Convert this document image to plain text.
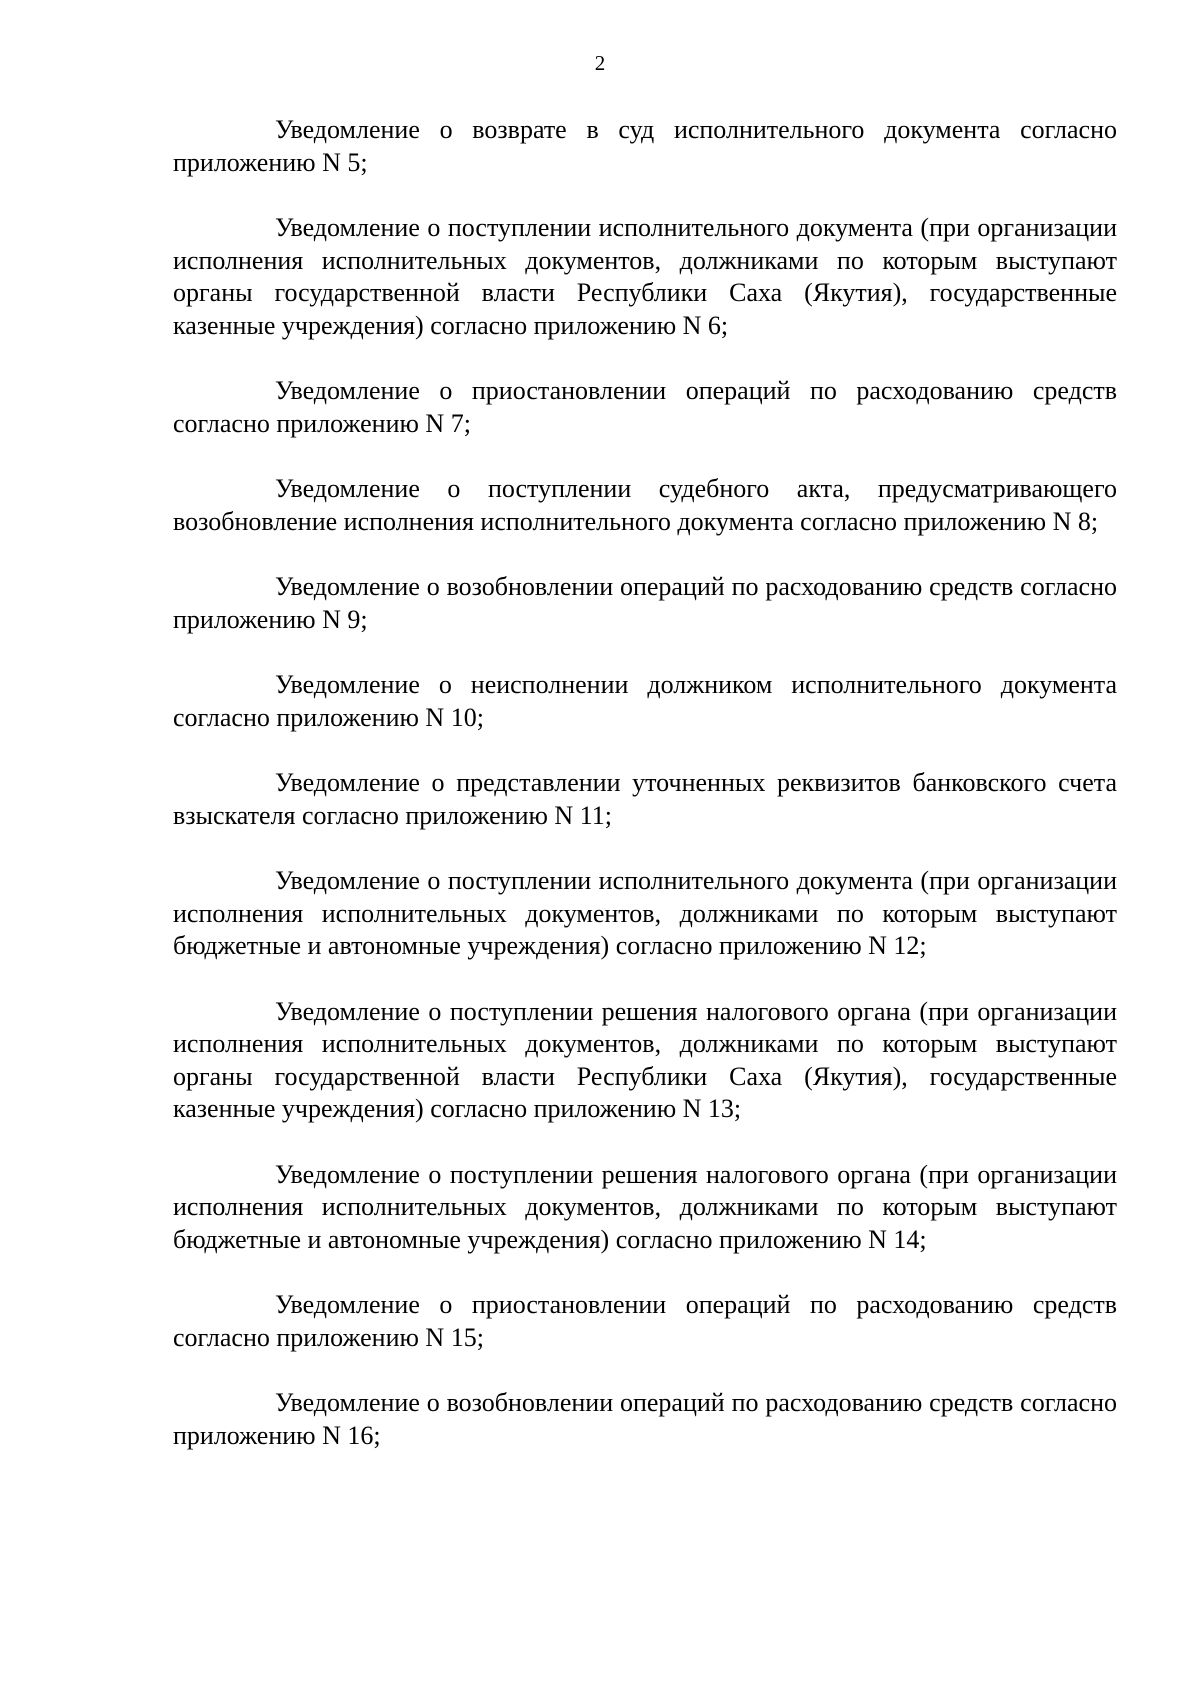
2

Уведомление о возврате в суд исполнительного документа согласно приложению N 5;

Уведомление о поступлении исполнительного документа (при организации исполнения исполнительных документов, должниками по которым выступают органы государственной власти Республики Саха (Якутия), государственные казенные учреждения) согласно приложению N 6;

Уведомление о приостановлении операций по расходованию средств согласно приложению N 7;

Уведомление о поступлении судебного акта, предусматривающего возобновление исполнения исполнительного документа согласно приложению N 8;

Уведомление о возобновлении операций по расходованию средств согласно приложению N 9;

Уведомление о неисполнении должником исполнительного документа согласно приложению N 10;

Уведомление о представлении уточненных реквизитов банковского счета взыскателя согласно приложению N 11;

Уведомление о поступлении исполнительного документа (при организации исполнения исполнительных документов, должниками по которым выступают бюджетные и автономные учреждения) согласно приложению N 12;

Уведомление о поступлении решения налогового органа (при организации исполнения исполнительных документов, должниками по которым выступают органы государственной власти Республики Саха (Якутия), государственные казенные учреждения) согласно приложению N 13;

Уведомление о поступлении решения налогового органа (при организации исполнения исполнительных документов, должниками по которым выступают бюджетные и автономные учреждения) согласно приложению N 14;

Уведомление о приостановлении операций по расходованию средств согласно приложению N 15;

Уведомление о возобновлении операций по расходованию средств согласно приложению N 16;
